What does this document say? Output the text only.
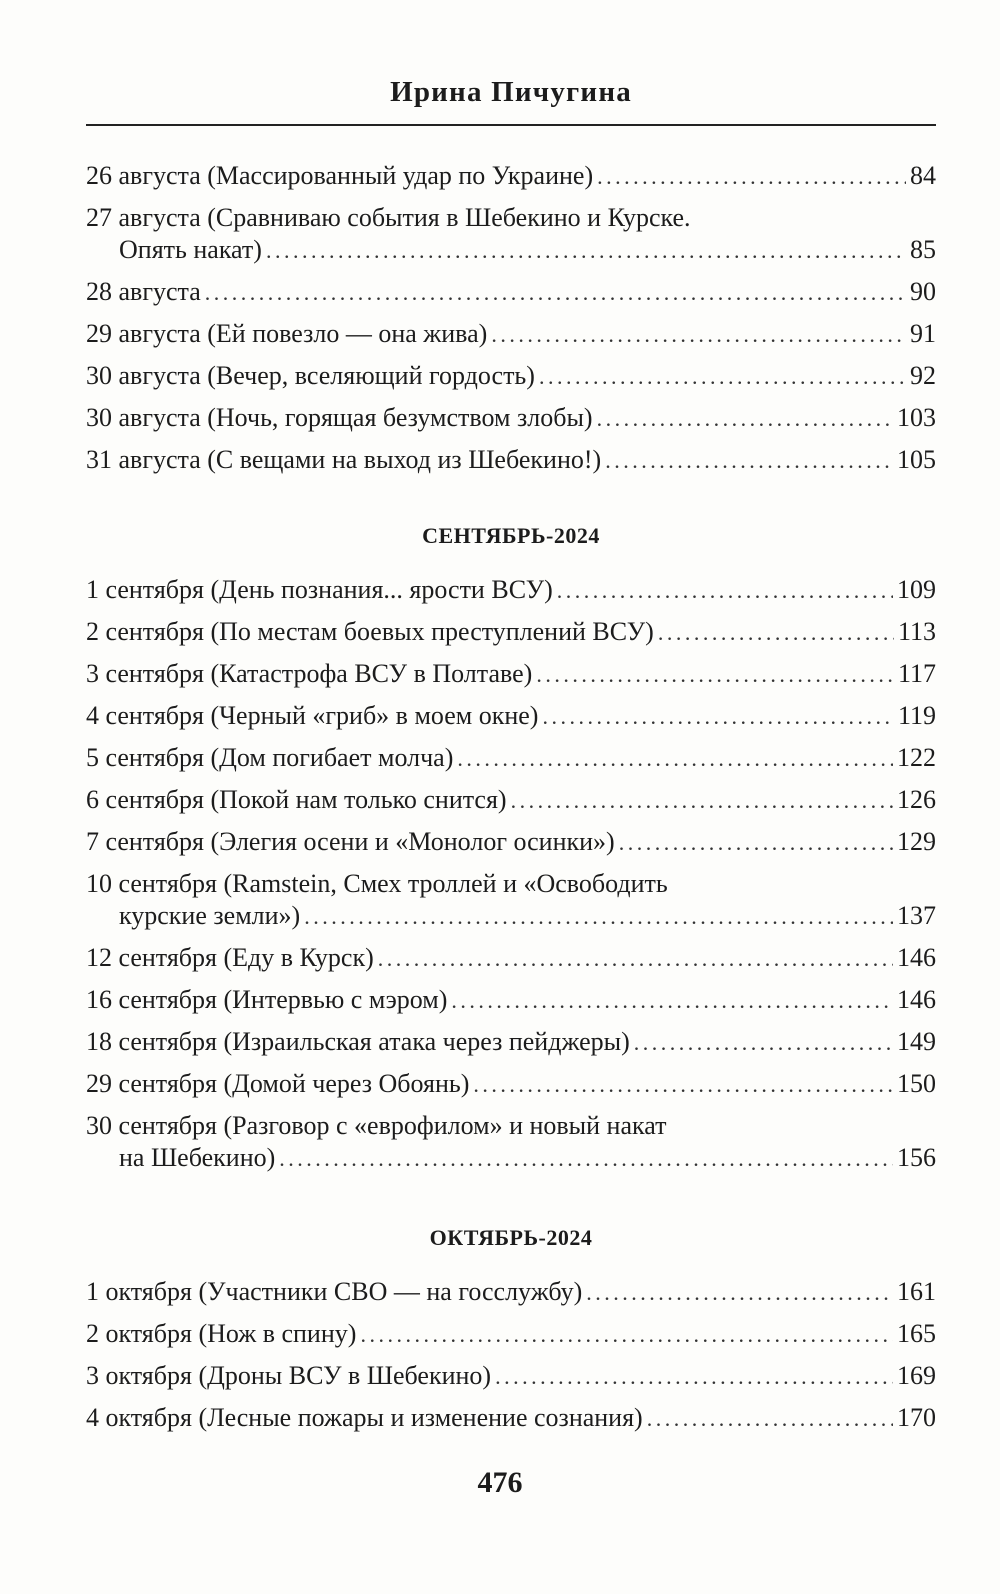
Ирина Пичугина
26 августа (Массированный удар по Украине) . . .	84
27 августа (Сравниваю события в Шебекино и Курске.
Опять накат) . . .	85
28 августа . . .	90
29 августа (Ей повезло — она жива) . . .	91
30 августа (Вечер, вселяющий гордость) . . .	92
30 августа (Ночь, горящая безумством злобы) . . .	103
31 августа (С вещами на выход из Шебекино!) . . .	105
СЕНТЯБРЬ-2024
1 сентября (День познания... ярости ВСУ) . . .	109
2 сентября (По местам боевых преступлений ВСУ) . . .	113
3 сентября (Катастрофа ВСУ в Полтаве) . . .	117
4 сентября (Черный «гриб» в моем окне) . . .	119
5 сентября (Дом погибает молча) . . .	122
6 сентября (Покой нам только снится) . . .	126
7 сентября (Элегия осени и «Монолог осинки») . . .	129
10 сентября (Ramstein, Смех троллей и «Освободить
курские земли») . . .	137
12 сентября (Еду в Курск) . . .	146
16 сентября (Интервью с мэром) . . .	146
18 сентября (Израильская атака через пейджеры) . . .	149
29 сентября (Домой через Обоянь) . . .	150
30 сентября (Разговор с «еврофилом» и новый накат
на Шебекино) . . .	156
ОКТЯБРЬ-2024
1 октября (Участники СВО — на госслужбу) . . .	161
2 октября (Нож в спину) . . .	165
3 октября (Дроны ВСУ в Шебекино) . . .	169
4 октября (Лесные пожары и изменение сознания) . . .	170
476
